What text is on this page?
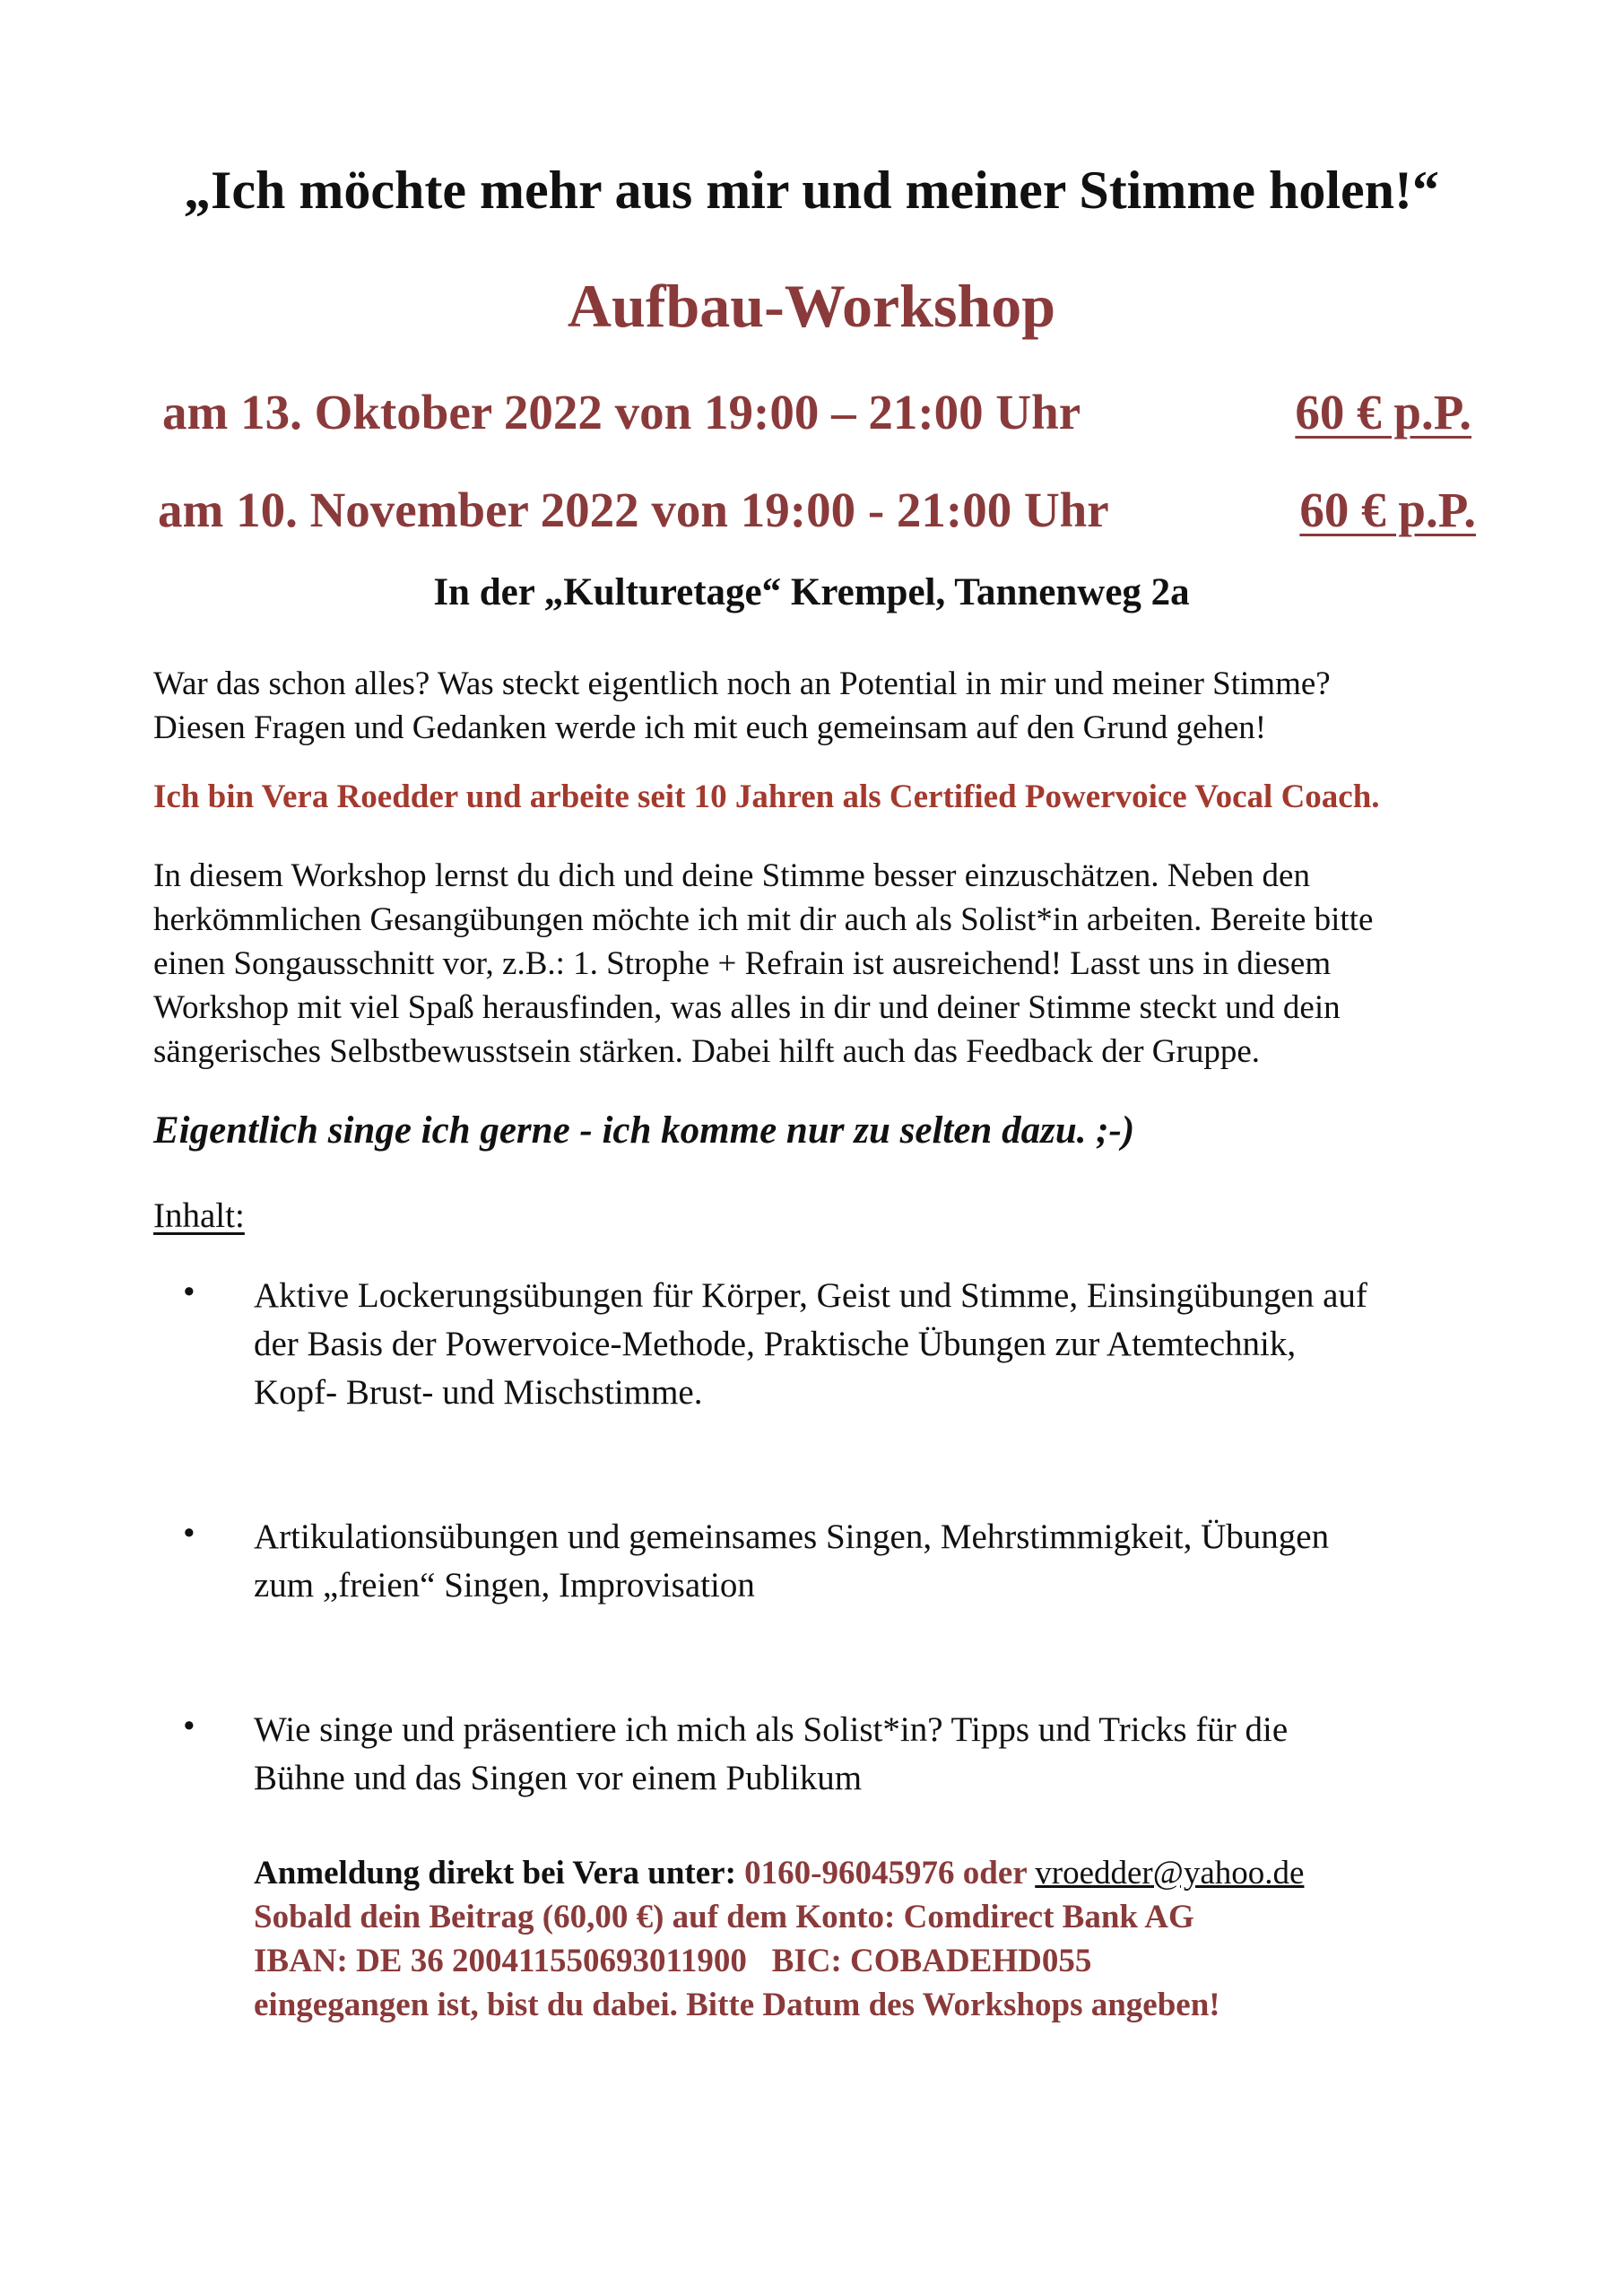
„Ich möchte mehr aus mir und meiner Stimme holen!“
Aufbau-Workshop
am 13. Oktober 2022 von 19:00 – 21:00 Uhr	60 € p.P.
am 10. November 2022 von 19:00 - 21:00 Uhr	60 € p.P.
In der „Kulturetage“ Krempel, Tannenweg 2a
War das schon alles? Was steckt eigentlich noch an Potential in mir und meiner Stimme?
Diesen Fragen und Gedanken werde ich mit euch gemeinsam auf den Grund gehen!
Ich bin Vera Roedder und arbeite seit 10 Jahren als Certified Powervoice Vocal Coach.
In diesem Workshop lernst du dich und deine Stimme besser einzuschätzen. Neben den
herkömmlichen Gesangübungen möchte ich mit dir auch als Solist*in arbeiten. Bereite bitte
einen Songausschnitt vor, z.B.: 1. Strophe + Refrain ist ausreichend! Lasst uns in diesem
Workshop mit viel Spaß herausfinden, was alles in dir und deiner Stimme steckt und dein
sängerisches Selbstbewusstsein stärken. Dabei hilft auch das Feedback der Gruppe.
Eigentlich singe ich gerne - ich komme nur zu selten dazu. ;-)
Inhalt:
• Aktive Lockerungsübungen für Körper, Geist und Stimme, Einsingübungen auf
der Basis der Powervoice-Methode, Praktische Übungen zur Atemtechnik,
Kopf- Brust- und Mischstimme.
• Artikulationsübungen und gemeinsames Singen, Mehrstimmigkeit, Übungen
zum „freien“ Singen, Improvisation
• Wie singe und präsentiere ich mich als Solist*in? Tipps und Tricks für die
Bühne und das Singen vor einem Publikum
Anmeldung direkt bei Vera unter: 0160-96045976 oder vroedder@yahoo.de
Sobald dein Beitrag (60,00 €) auf dem Konto: Comdirect Bank AG
IBAN: DE 36 200411550693011900   BIC: COBADEHD055
eingegangen ist, bist du dabei. Bitte Datum des Workshops angeben!
